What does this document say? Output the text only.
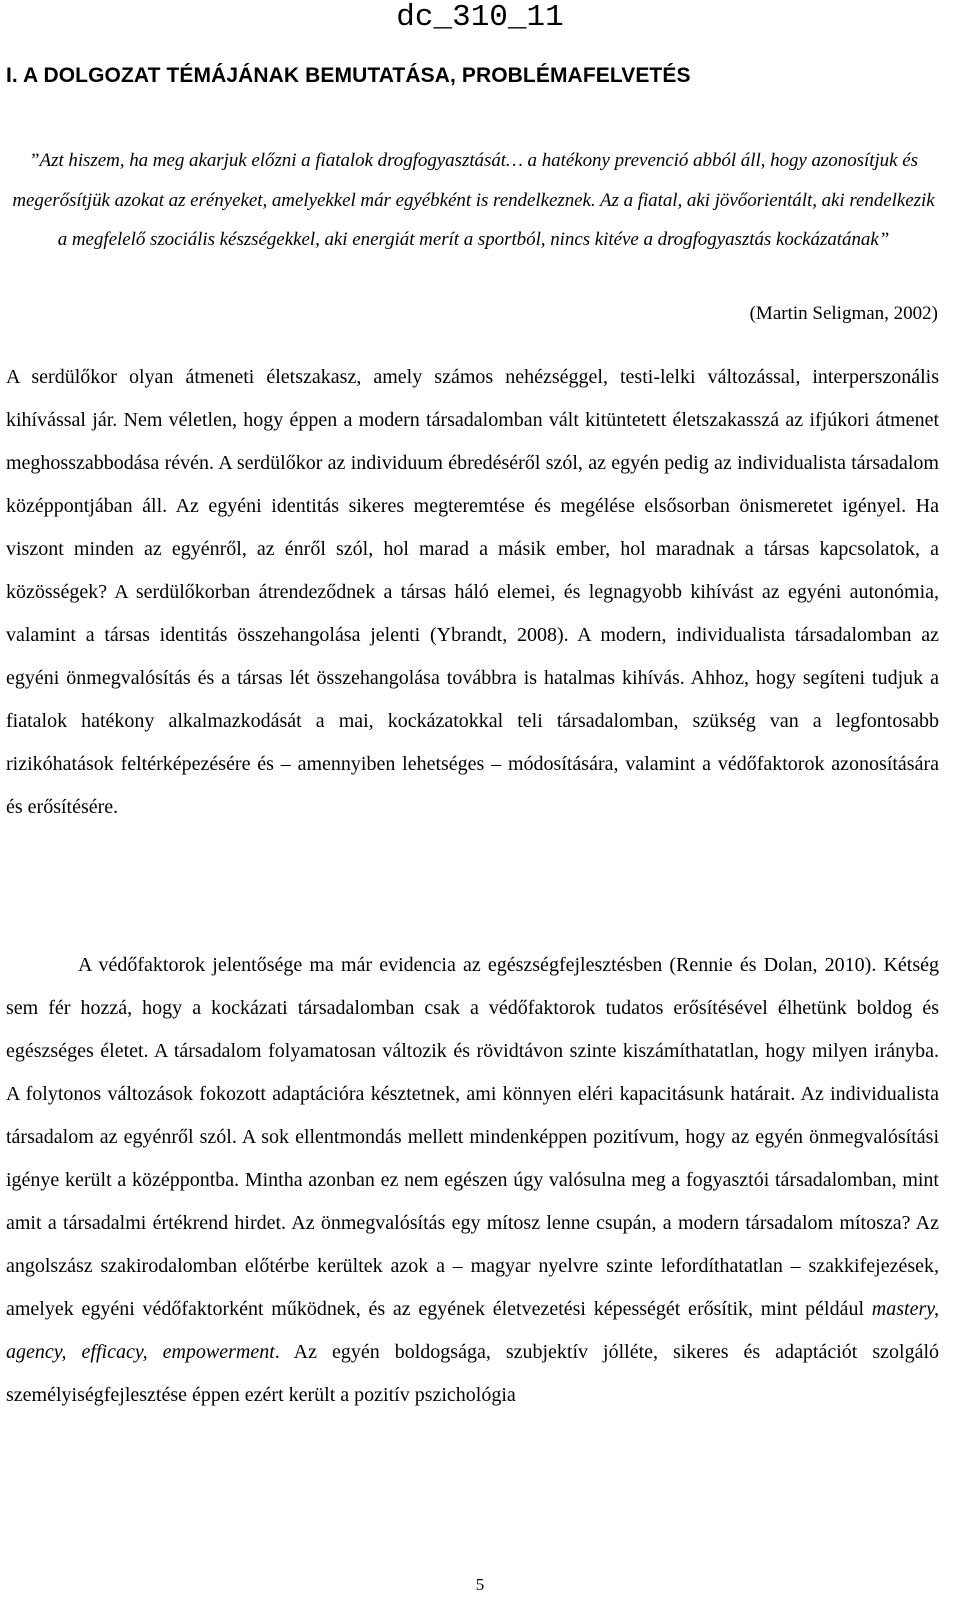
dc_310_11
I. A DOLGOZAT TÉMÁJÁNAK BEMUTATÁSA, PROBLÉMAFELVETÉS
”Azt hiszem, ha meg akarjuk előzni a fiatalok drogfogyasztását… a hatékony prevenció abból áll, hogy azonosítjuk és megerősítjük azokat az erényeket, amelyekkel már egyébként is rendelkeznek. Az a fiatal, aki jövőorientált, aki rendelkezik a megfelelő szociális készségekkel, aki energiát merít a sportból, nincs kitéve a drogfogyasztás kockázatának”
(Martin Seligman, 2002)
A serdülőkor olyan átmeneti életszakasz, amely számos nehézséggel, testi-lelki változással, interperszonális kihívással jár. Nem véletlen, hogy éppen a modern társadalomban vált kitüntetett életszakasszá az ifjúkori átmenet meghosszabbodása révén. A serdülőkor az individuum ébredéséről szól, az egyén pedig az individualista társadalom középpontjában áll. Az egyéni identitás sikeres megteremtése és megélése elsősorban önismeretet igényel. Ha viszont minden az egyénről, az énről szól, hol marad a másik ember, hol maradnak a társas kapcsolatok, a közösségek? A serdülőkorban átrendeződnek a társas háló elemei, és legnagyobb kihívást az egyéni autonómia, valamint a társas identitás összehangolása jelenti (Ybrandt, 2008). A modern, individualista társadalomban az egyéni önmegvalósítás és a társas lét összehangolása továbbra is hatalmas kihívás. Ahhoz, hogy segíteni tudjuk a fiatalok hatékony alkalmazkodását a mai, kockázatokkal teli társadalomban, szükség van a legfontosabb rizikóhatások feltérképezésére és – amennyiben lehetséges – módosítására, valamint a védőfaktorok azonosítására és erősítésére.
A védőfaktorok jelentősége ma már evidencia az egészségfejlesztésben (Rennie és Dolan, 2010). Kétség sem fér hozzá, hogy a kockázati társadalomban csak a védőfaktorok tudatos erősítésével élhetünk boldog és egészséges életet. A társadalom folyamatosan változik és rövidtávon szinte kiszámíthatatlan, hogy milyen irányba. A folytonos változások fokozott adaptációra késztetnek, ami könnyen eléri kapacitásunk határait. Az individualista társadalom az egyénről szól. A sok ellentmondás mellett mindenképpen pozitívum, hogy az egyén önmegvalósítási igénye került a középpontba. Mintha azonban ez nem egészen úgy valósulna meg a fogyasztói társadalomban, mint amit a társadalmi értékrend hirdet. Az önmegvalósítás egy mítosz lenne csupán, a modern társadalom mítosza? Az angolszász szakirodalomban előtérbe kerültek azok a – magyar nyelvre szinte lefordíthatatlan – szakkifejezések, amelyek egyéni védőfaktorként működnek, és az egyének életvezetési képességét erősítik, mint például mastery, agency, efficacy, empowerment. Az egyén boldogsága, szubjektív jólléte, sikeres és adaptációt szolgáló személyiségfejlesztése éppen ezért került a pozitív pszichológia
5
